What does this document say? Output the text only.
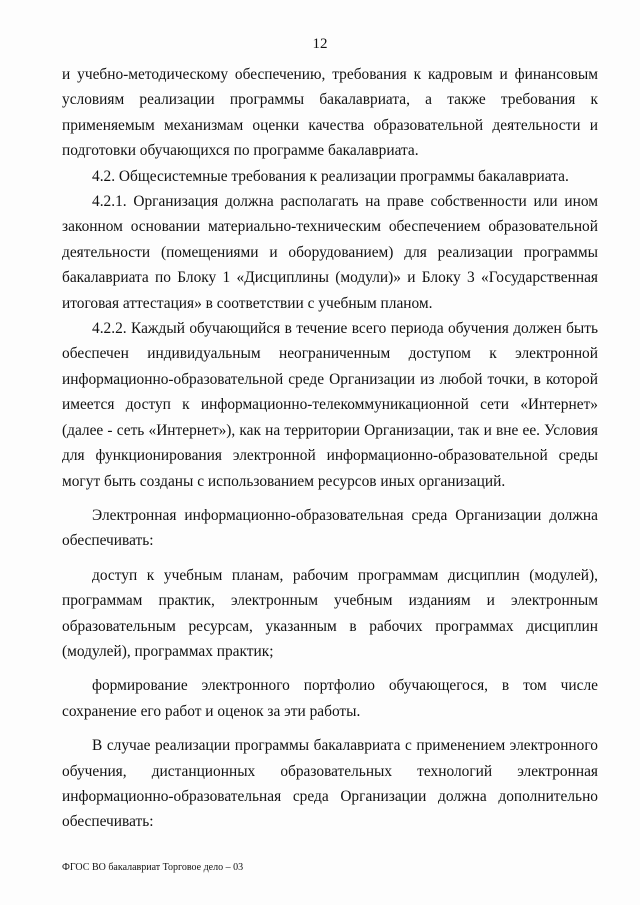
12

и учебно-методическому обеспечению, требования к кадровым и финансовым условиям реализации программы бакалавриата, а также требования к применяемым механизмам оценки качества образовательной деятельности и подготовки обучающихся по программе бакалавриата.

4.2. Общесистемные требования к реализации программы бакалавриата.

4.2.1. Организация должна располагать на праве собственности или ином законном основании материально-техническим обеспечением образовательной деятельности (помещениями и оборудованием) для реализации программы бакалавриата по Блоку 1 «Дисциплины (модули)» и Блоку 3 «Государственная итоговая аттестация» в соответствии с учебным планом.

4.2.2. Каждый обучающийся в течение всего периода обучения должен быть обеспечен индивидуальным неограниченным доступом к электронной информационно-образовательной среде Организации из любой точки, в которой имеется доступ к информационно-телекоммуникационной сети «Интернет» (далее - сеть «Интернет»), как на территории Организации, так и вне ее. Условия для функционирования электронной информационно-образовательной среды могут быть созданы с использованием ресурсов иных организаций.

Электронная информационно-образовательная среда Организации должна обеспечивать:

доступ к учебным планам, рабочим программам дисциплин (модулей), программам практик, электронным учебным изданиям и электронным образовательным ресурсам, указанным в рабочих программах дисциплин (модулей), программах практик;

формирование электронного портфолио обучающегося, в том числе сохранение его работ и оценок за эти работы.

В случае реализации программы бакалавриата с применением электронного обучения, дистанционных образовательных технологий электронная информационно-образовательная среда Организации должна дополнительно обеспечивать:

ФГОС ВО бакалавриат Торговое дело – 03
